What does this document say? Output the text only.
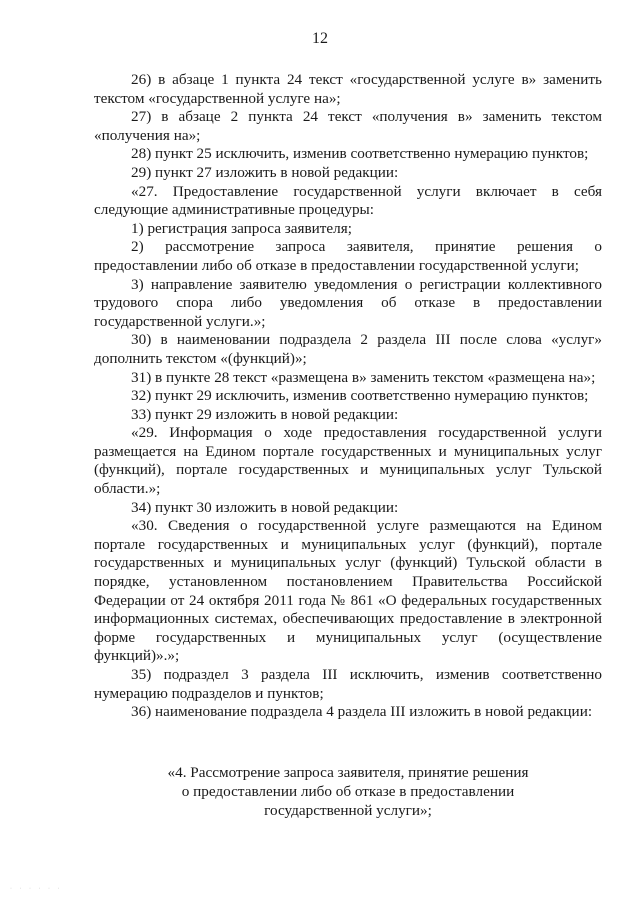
12

26) в абзаце 1 пункта 24 текст «государственной услуге в» заменить текстом «государственной услуге на»;

27) в абзаце 2 пункта 24 текст «получения в» заменить текстом «получения на»;

28) пункт 25 исключить, изменив соответственно нумерацию пунктов;

29) пункт 27 изложить в новой редакции:

«27. Предоставление государственной услуги включает в себя следующие административные процедуры:

1) регистрация запроса заявителя;

2) рассмотрение запроса заявителя, принятие решения о предоставлении либо об отказе в предоставлении государственной услуги;

3) направление заявителю уведомления о регистрации коллективного трудового спора либо уведомления об отказе в предоставлении государственной услуги.»;

30) в наименовании подраздела 2 раздела III после слова «услуг» дополнить текстом «(функций)»;

31) в пункте 28 текст «размещена в» заменить текстом «размещена на»;

32) пункт 29 исключить, изменив соответственно нумерацию пунктов;

33) пункт 29 изложить в новой редакции:

«29. Информация о ходе предоставления государственной услуги размещается на Едином портале государственных и муниципальных услуг (функций), портале государственных и муниципальных услуг Тульской области.»;

34) пункт 30 изложить в новой редакции:

«30. Сведения о государственной услуге размещаются на Едином портале государственных и муниципальных услуг (функций), портале государственных и муниципальных услуг (функций) Тульской области в порядке, установленном постановлением Правительства Российской Федерации от 24 октября 2011 года № 861 «О федеральных государственных информационных системах, обеспечивающих предоставление в электронной форме государственных и муниципальных услуг (осуществление функций)».»;

35) подраздел 3 раздела III исключить, изменив соответственно нумерацию подразделов и пунктов;

36) наименование подраздела 4 раздела III изложить в новой редакции:

«4. Рассмотрение запроса заявителя, принятие решения
о предоставлении либо об отказе в предоставлении
государственной услуги»;
· · · · · ·
